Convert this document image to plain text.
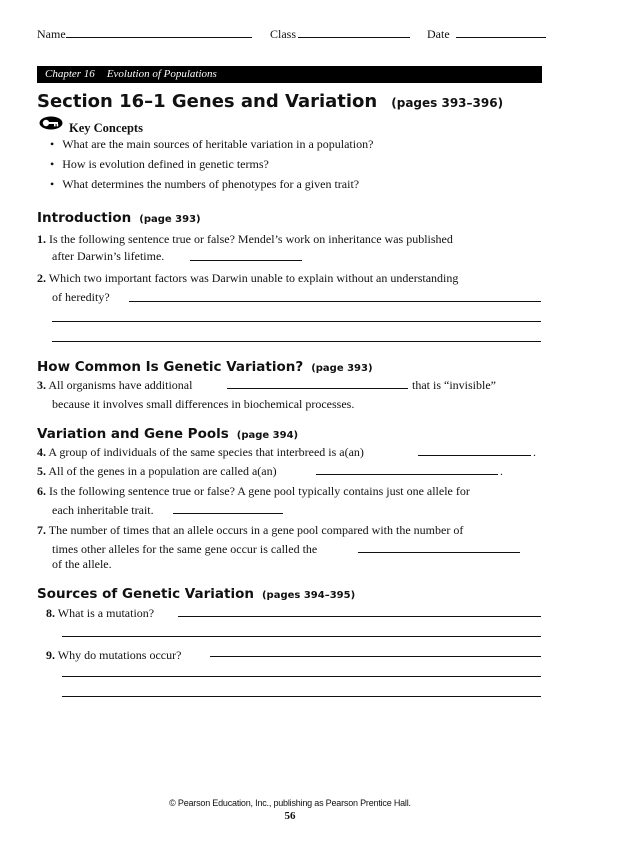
Name	Class	Date
Chapter 16 Evolution of Populations
Section 16–1 Genes and Variation (pages 393–396)
Key Concepts
• What are the main sources of heritable variation in a population?
• How is evolution defined in genetic terms?
• What determines the numbers of phenotypes for a given trait?
Introduction (page 393)
1. Is the following sentence true or false? Mendel’s work on inheritance was published
after Darwin’s lifetime.
2. Which two important factors was Darwin unable to explain without an understanding
of heredity?
How Common Is Genetic Variation? (page 393)
3. All organisms have additional	that is “invisible”
because it involves small differences in biochemical processes.
Variation and Gene Pools (page 394)
4. A group of individuals of the same species that interbreed is a(an)	.
5. All of the genes in a population are called a(an)	.
6. Is the following sentence true or false? A gene pool typically contains just one allele for
each inheritable trait.
7. The number of times that an allele occurs in a gene pool compared with the number of
times other alleles for the same gene occur is called the
of the allele.
Sources of Genetic Variation (pages 394–395)
8. What is a mutation?
9. Why do mutations occur?
© Pearson Education, Inc., publishing as Pearson Prentice Hall.
56
